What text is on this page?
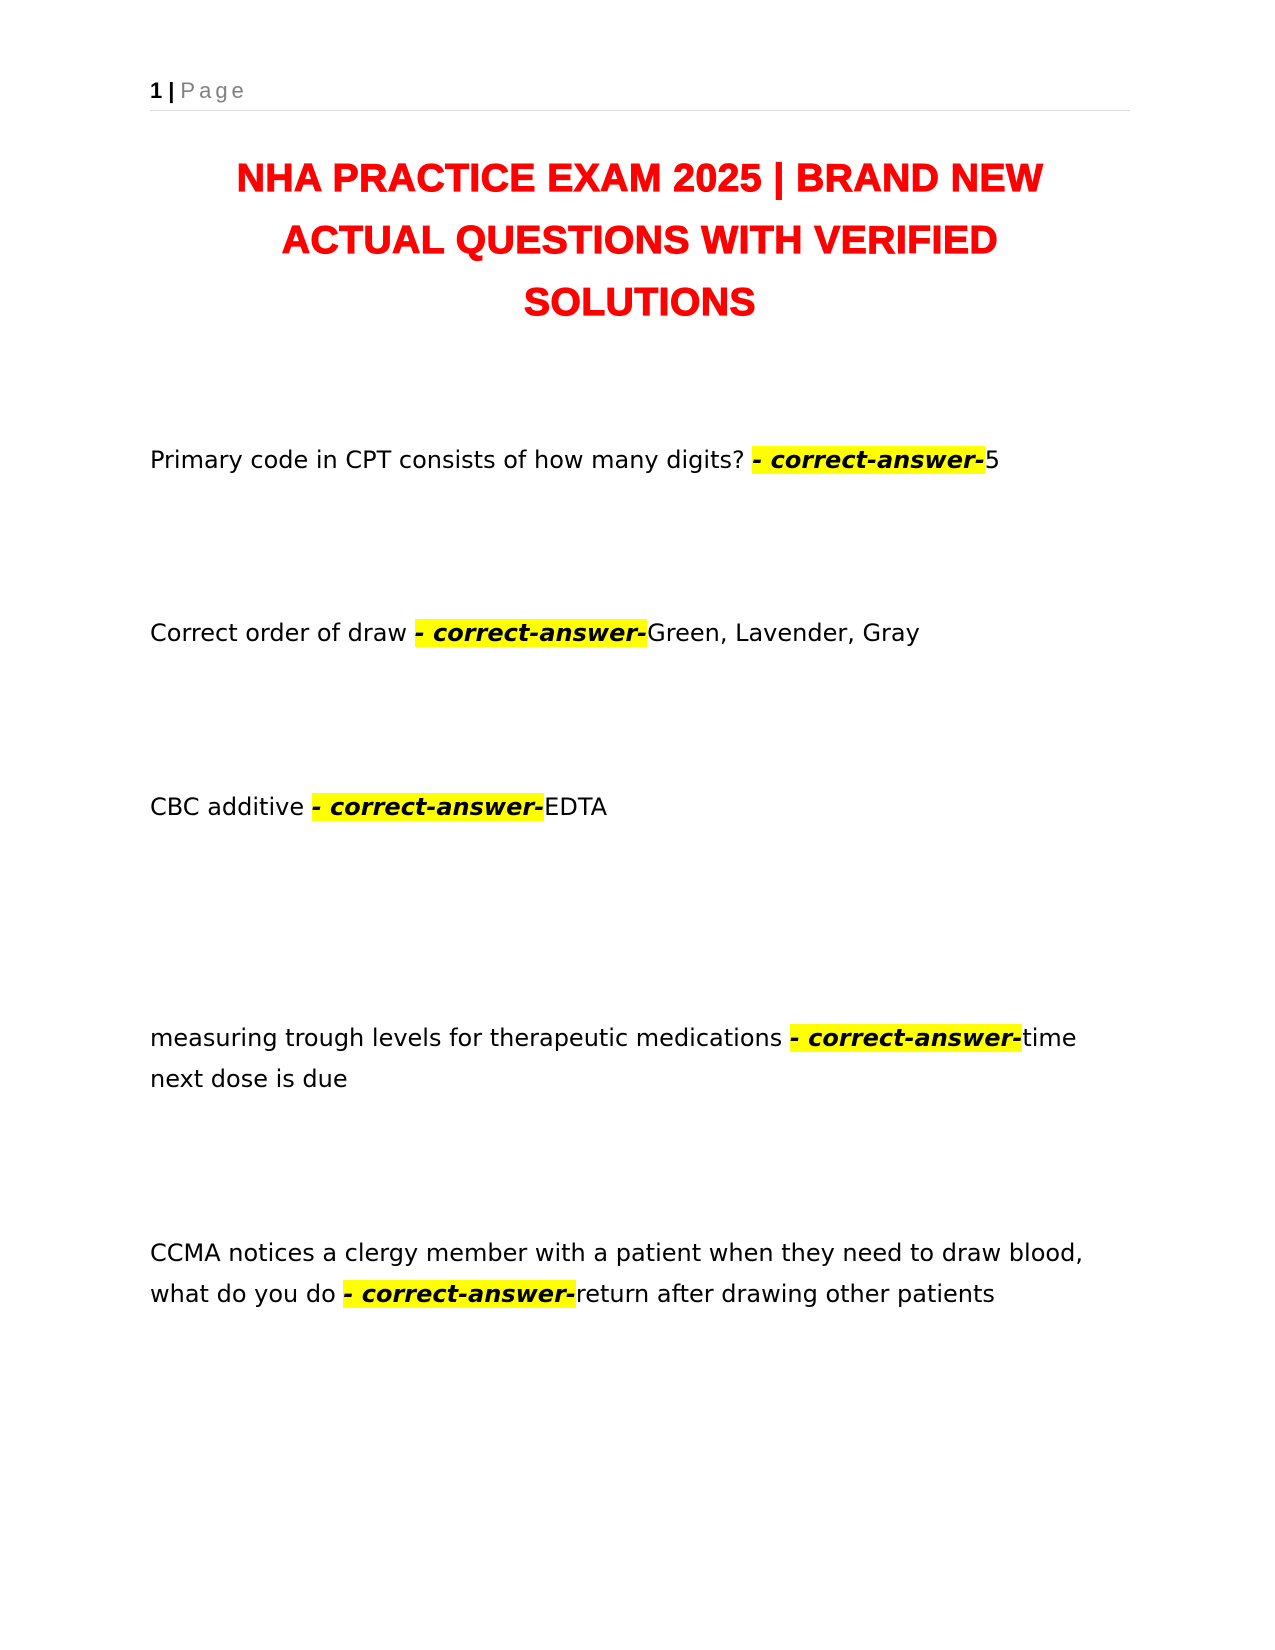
1 | Page
NHA PRACTICE EXAM 2025 | BRAND NEW
ACTUAL QUESTIONS WITH VERIFIED
SOLUTIONS
Primary code in CPT consists of how many digits? - correct-answer-5
Correct order of draw - correct-answer-Green, Lavender, Gray
CBC additive - correct-answer-EDTA
measuring trough levels for therapeutic medications - correct-answer-time next dose is due
CCMA notices a clergy member with a patient when they need to draw blood, what do you do - correct-answer-return after drawing other patients
